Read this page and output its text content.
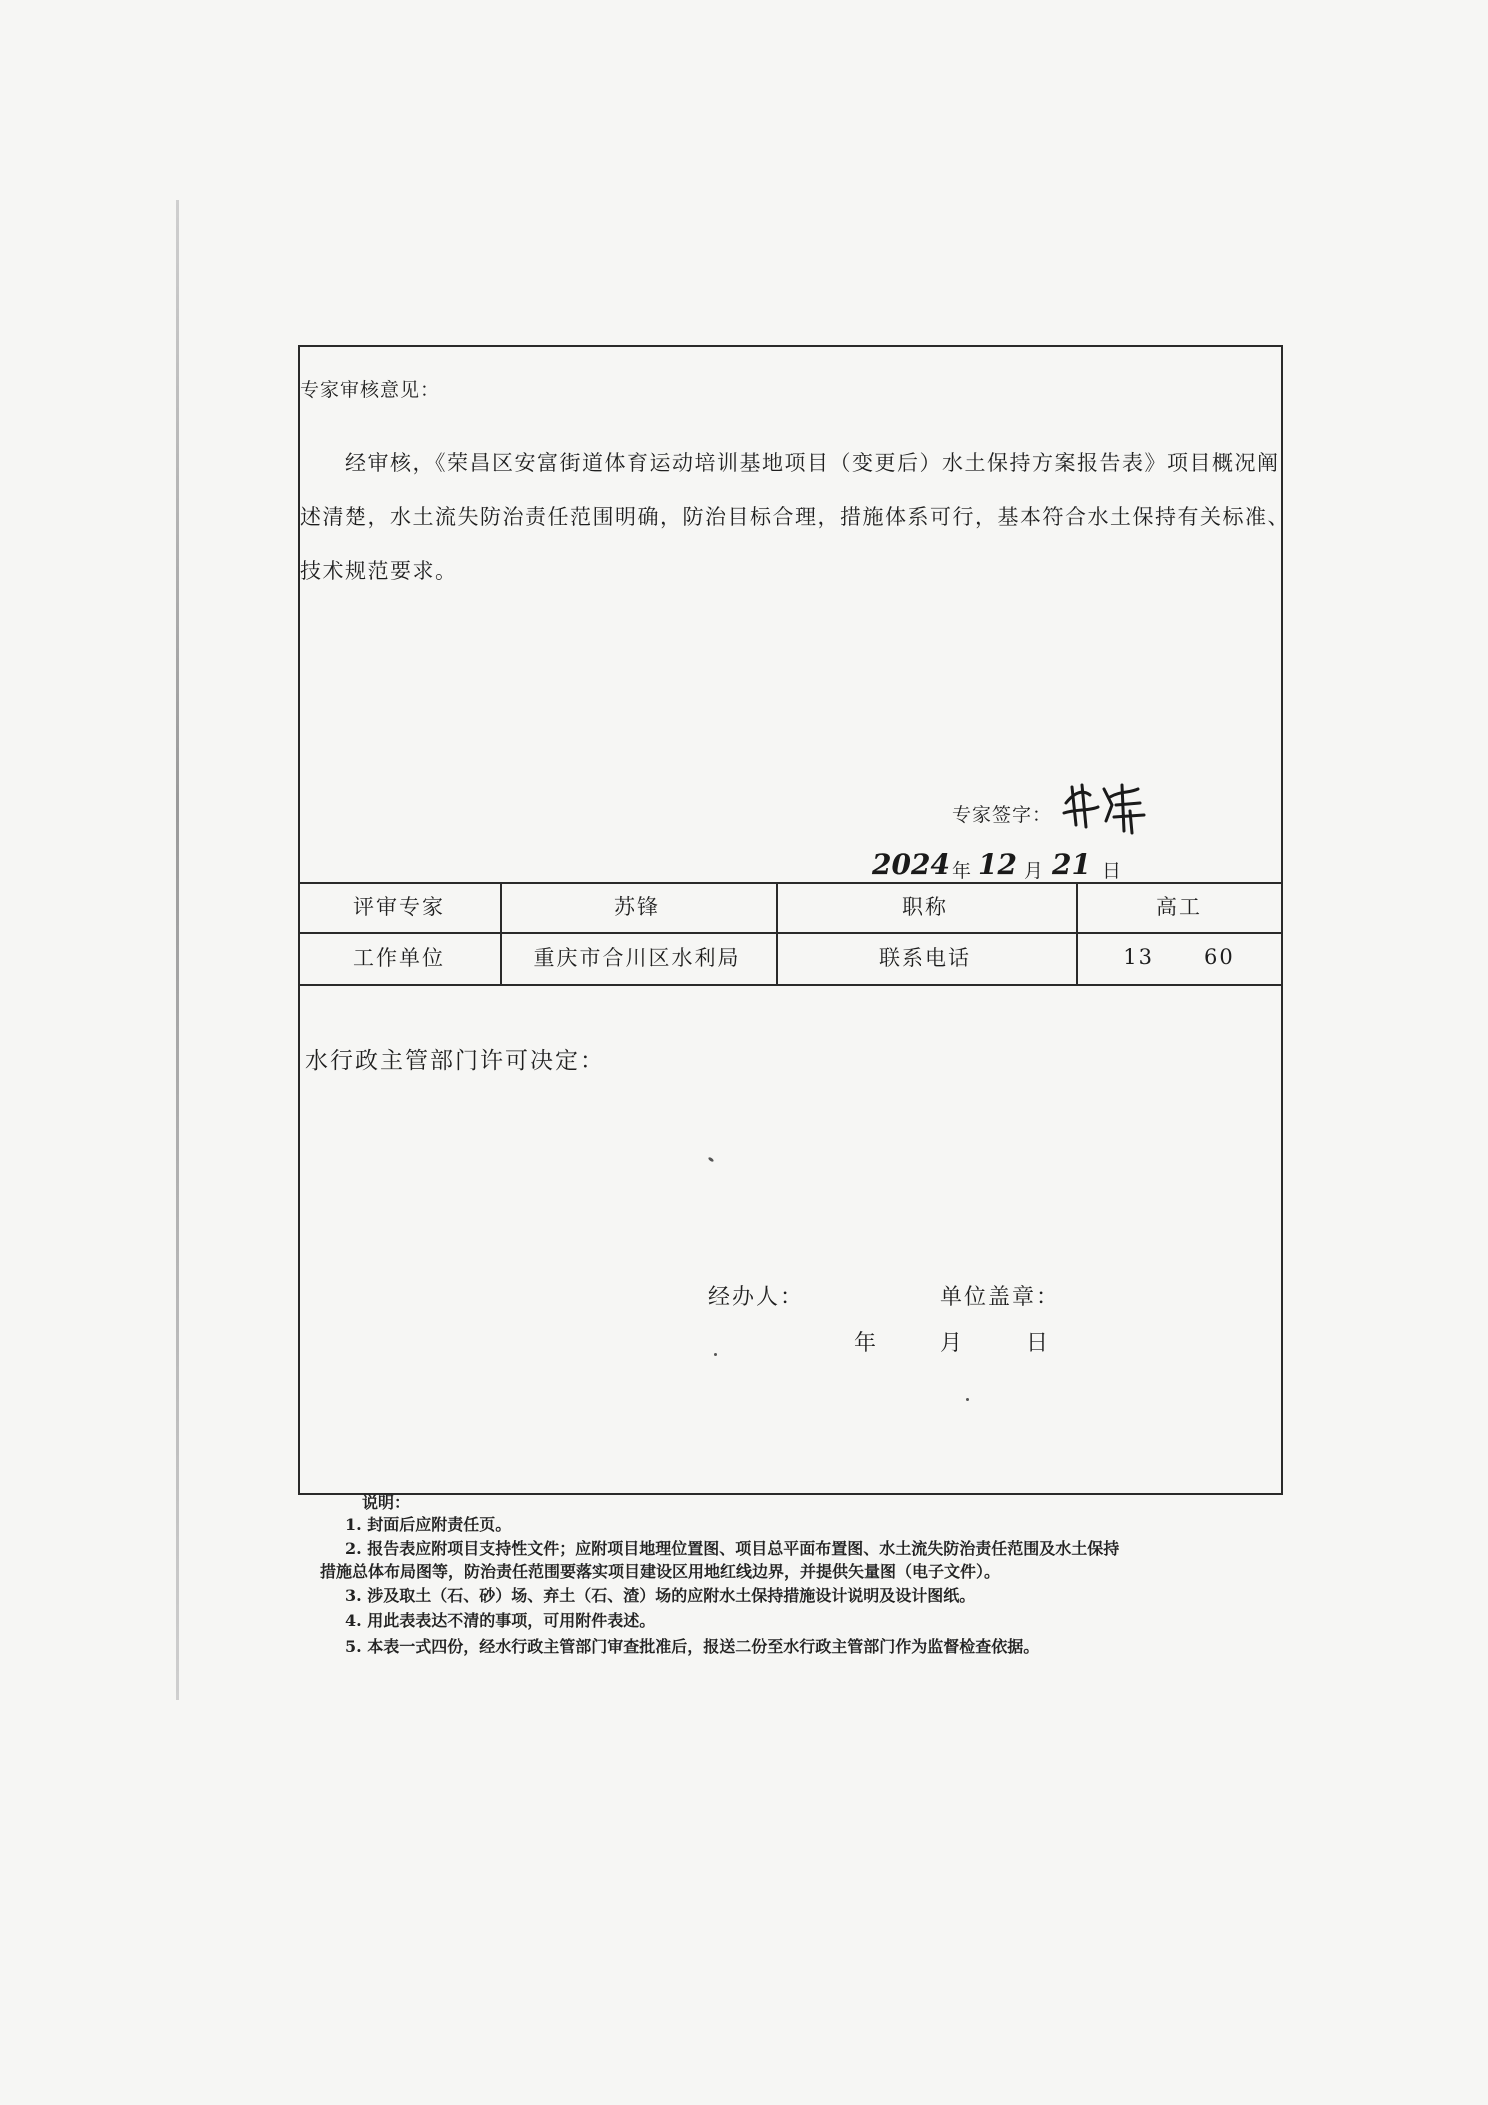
专家审核意见：
经审核，《荣昌区安富街道体育运动培训基地项目（变更后）水土保持方案报告表》项目概况阐
述清楚，水土流失防治责任范围明确，防治目标合理，措施体系可行，基本符合水土保持有关标准、
技术规范要求。
专家签字：
2024 年 12 月 21 日
评审专家	苏锋	职称	高工
工作单位	重庆市合川区水利局	联系电话	13    60
水行政主管部门许可决定：
经办人：	单位盖章：
年	月	日
说明：
1. 封面后应附责任页。
2. 报告表应附项目支持性文件；应附项目地理位置图、项目总平面布置图、水土流失防治责任范围及水土保持
措施总体布局图等，防治责任范围要落实项目建设区用地红线边界，并提供矢量图（电子文件）。
3. 涉及取土（石、砂）场、弃土（石、渣）场的应附水土保持措施设计说明及设计图纸。
4. 用此表表达不清的事项，可用附件表述。
5. 本表一式四份，经水行政主管部门审查批准后，报送二份至水行政主管部门作为监督检查依据。
